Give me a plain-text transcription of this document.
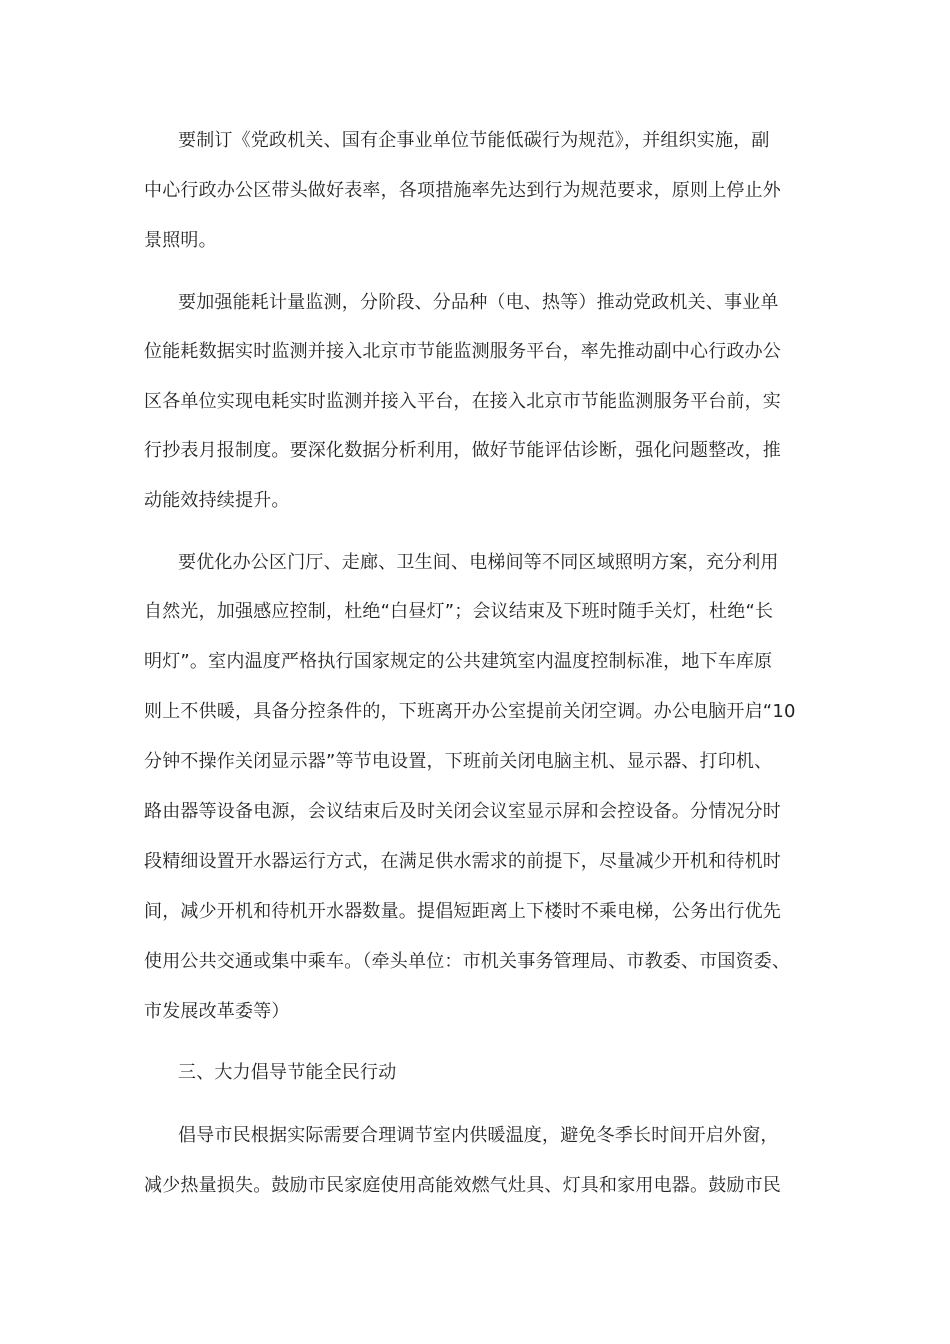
要制订《党政机关、国有企事业单位节能低碳行为规范》，并组织实施，副
中心行政办公区带头做好表率，各项措施率先达到行为规范要求，原则上停止外
景照明。
要加强能耗计量监测，分阶段、分品种（电、热等）推动党政机关、事业单
位能耗数据实时监测并接入北京市节能监测服务平台，率先推动副中心行政办公
区各单位实现电耗实时监测并接入平台，在接入北京市节能监测服务平台前，实
行抄表月报制度。要深化数据分析利用，做好节能评估诊断，强化问题整改，推
动能效持续提升。
要优化办公区门厅、走廊、卫生间、电梯间等不同区域照明方案，充分利用
自然光，加强感应控制，杜绝“白昼灯”；会议结束及下班时随手关灯，杜绝“长
明灯”。室内温度严格执行国家规定的公共建筑室内温度控制标准，地下车库原
则上不供暖，具备分控条件的，下班离开办公室提前关闭空调。办公电脑开启“10
分钟不操作关闭显示器”等节电设置，下班前关闭电脑主机、显示器、打印机、
路由器等设备电源，会议结束后及时关闭会议室显示屏和会控设备。分情况分时
段精细设置开水器运行方式，在满足供水需求的前提下，尽量减少开机和待机时
间，减少开机和待机开水器数量。提倡短距离上下楼时不乘电梯，公务出行优先
使用公共交通或集中乘车。（牵头单位：市机关事务管理局、市教委、市国资委、
市发展改革委等）
三、大力倡导节能全民行动
倡导市民根据实际需要合理调节室内供暖温度，避免冬季长时间开启外窗，
减少热量损失。鼓励市民家庭使用高能效燃气灶具、灯具和家用电器。鼓励市民
